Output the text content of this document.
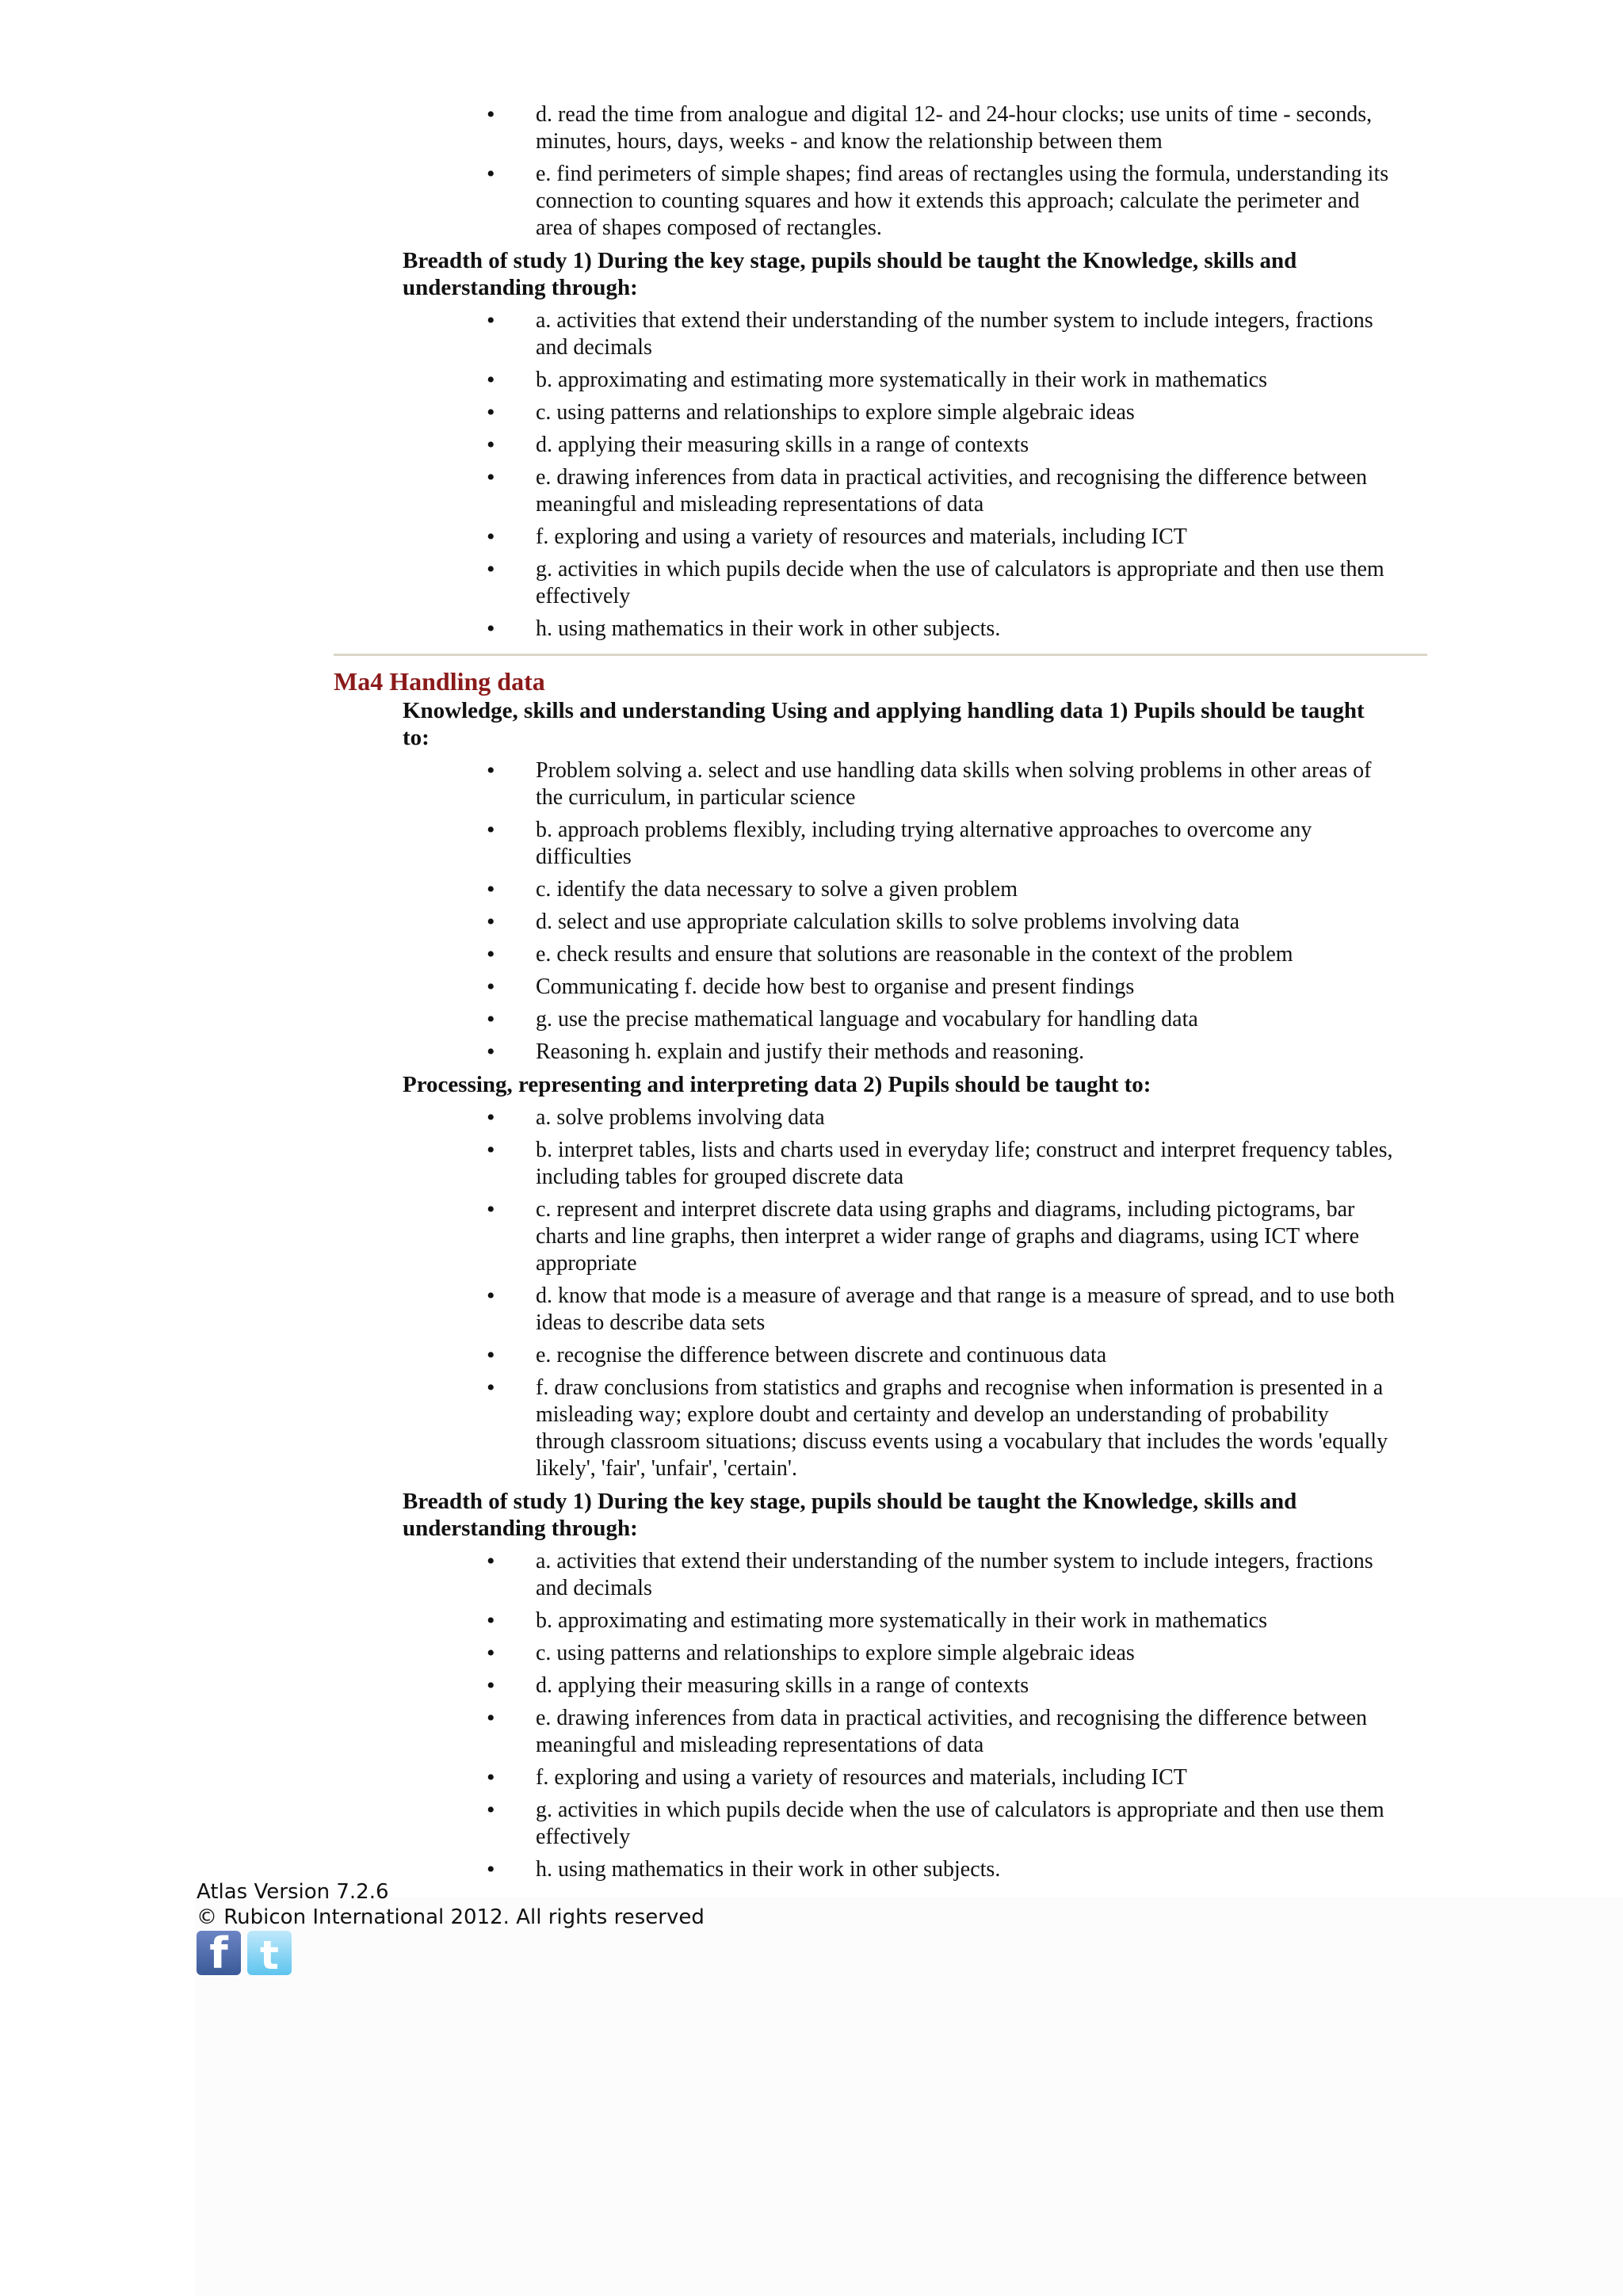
• d. read the time from analogue and digital 12- and 24-hour clocks; use units of time - seconds, minutes, hours, days, weeks - and know the relationship between them
• e. find perimeters of simple shapes; find areas of rectangles using the formula, understanding its connection to counting squares and how it extends this approach; calculate the perimeter and area of shapes composed of rectangles.
Breadth of study 1) During the key stage, pupils should be taught the Knowledge, skills and understanding through:
• a. activities that extend their understanding of the number system to include integers, fractions and decimals
• b. approximating and estimating more systematically in their work in mathematics
• c. using patterns and relationships to explore simple algebraic ideas
• d. applying their measuring skills in a range of contexts
• e. drawing inferences from data in practical activities, and recognising the difference between meaningful and misleading representations of data
• f. exploring and using a variety of resources and materials, including ICT
• g. activities in which pupils decide when the use of calculators is appropriate and then use them effectively
• h. using mathematics in their work in other subjects.
Ma4 Handling data
Knowledge, skills and understanding Using and applying handling data 1) Pupils should be taught to:
• Problem solving a. select and use handling data skills when solving problems in other areas of the curriculum, in particular science
• b. approach problems flexibly, including trying alternative approaches to overcome any difficulties
• c. identify the data necessary to solve a given problem
• d. select and use appropriate calculation skills to solve problems involving data
• e. check results and ensure that solutions are reasonable in the context of the problem
• Communicating f. decide how best to organise and present findings
• g. use the precise mathematical language and vocabulary for handling data
• Reasoning h. explain and justify their methods and reasoning.
Processing, representing and interpreting data 2) Pupils should be taught to:
• a. solve problems involving data
• b. interpret tables, lists and charts used in everyday life; construct and interpret frequency tables, including tables for grouped discrete data
• c. represent and interpret discrete data using graphs and diagrams, including pictograms, bar charts and line graphs, then interpret a wider range of graphs and diagrams, using ICT where appropriate
• d. know that mode is a measure of average and that range is a measure of spread, and to use both ideas to describe data sets
• e. recognise the difference between discrete and continuous data
• f. draw conclusions from statistics and graphs and recognise when information is presented in a misleading way; explore doubt and certainty and develop an understanding of probability through classroom situations; discuss events using a vocabulary that includes the words 'equally likely', 'fair', 'unfair', 'certain'.
Breadth of study 1) During the key stage, pupils should be taught the Knowledge, skills and understanding through:
• a. activities that extend their understanding of the number system to include integers, fractions and decimals
• b. approximating and estimating more systematically in their work in mathematics
• c. using patterns and relationships to explore simple algebraic ideas
• d. applying their measuring skills in a range of contexts
• e. drawing inferences from data in practical activities, and recognising the difference between meaningful and misleading representations of data
• f. exploring and using a variety of resources and materials, including ICT
• g. activities in which pupils decide when the use of calculators is appropriate and then use them effectively
• h. using mathematics in their work in other subjects.
Atlas Version 7.2.6
© Rubicon International 2012. All rights reserved
f t
